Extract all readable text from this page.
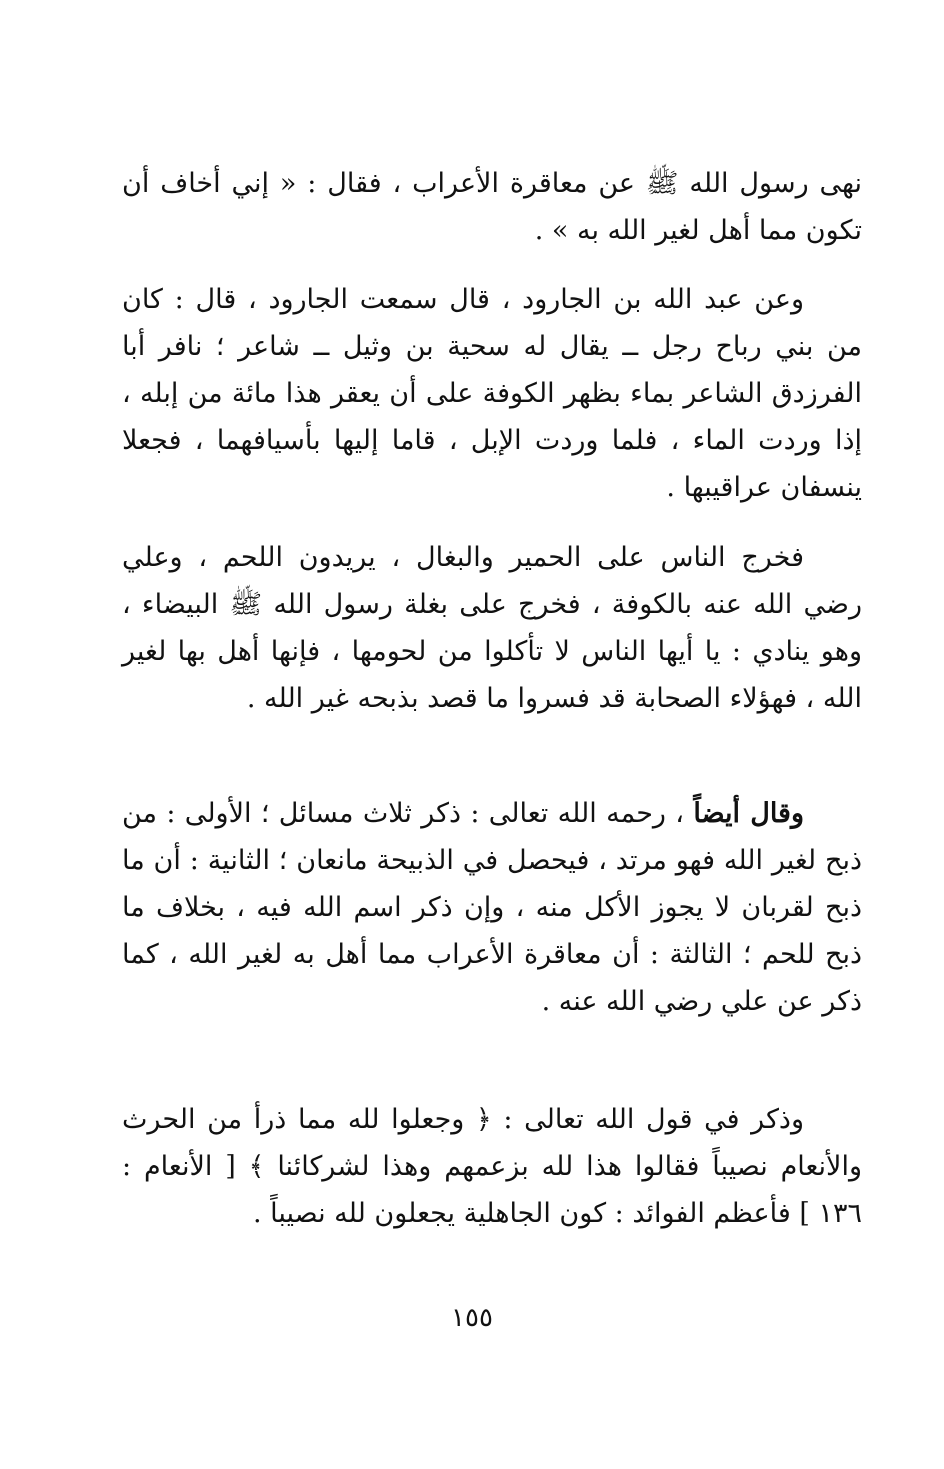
نهى رسول الله ﷺ عن معاقرة الأعراب ، فقال : « إني أخاف أن تكون مما أهل لغير الله به » .

وعن عبد الله بن الجارود ، قال سمعت الجارود ، قال : كان من بني رباح رجل ــ يقال له سحية بن وثيل ــ شاعر ؛ نافر أبا الفرزدق الشاعر بماء بظهر الكوفة على أن يعقر هذا مائة من إبله ، إذا وردت الماء ، فلما وردت الإبل ، قاما إليها بأسيافهما ، فجعلا ينسفان عراقيبها .

فخرج الناس على الحمير والبغال ، يريدون اللحم ، وعلي رضي الله عنه بالكوفة ، فخرج على بغلة رسول الله ﷺ البيضاء ، وهو ينادي : يا أيها الناس لا تأكلوا من لحومها ، فإنها أهل بها لغير الله ، فهؤلاء الصحابة قد فسروا ما قصد بذبحه غير الله .

وقال أيضاً ، رحمه الله تعالى : ذكر ثلاث مسائل ؛ الأولى : من ذبح لغير الله فهو مرتد ، فيحصل في الذبيحة مانعان ؛ الثانية : أن ما ذبح لقربان لا يجوز الأكل منه ، وإن ذكر اسم الله فيه ، بخلاف ما ذبح للحم ؛ الثالثة : أن معاقرة الأعراب مما أهل به لغير الله ، كما ذكر عن علي رضي الله عنه .

وذكر في قول الله تعالى : ﴿ وجعلوا لله مما ذرأ من الحرث والأنعام نصيباً فقالوا هذا لله بزعمهم وهذا لشركائنا ﴾ [ الأنعام : ١٣٦ ] فأعظم الفوائد : كون الجاهلية يجعلون لله نصيباً .

١٥٥
